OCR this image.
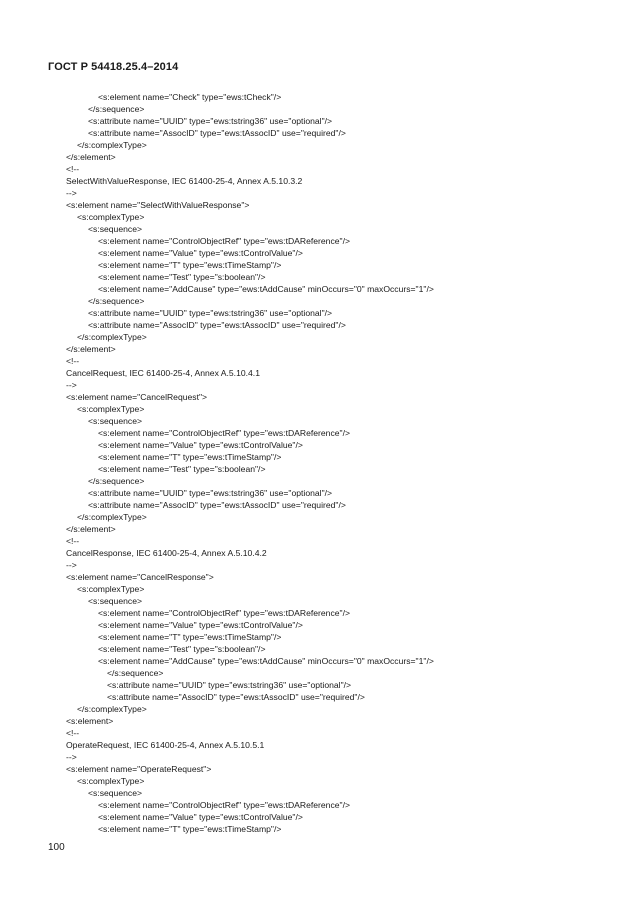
ГОСТ Р 54418.25.4–2014
<s:element name="Check" type="ews:tCheck"/>
</s:sequence>
<s:attribute name="UUID" type="ews:tstring36" use="optional"/>
<s:attribute name="AssocID" type="ews:tAssocID" use="required"/>
</s:complexType>
</s:element>
<!--
SelectWithValueResponse, IEC 61400-25-4, Annex A.5.10.3.2
-->
<s:element name="SelectWithValueResponse">
<s:complexType>
<s:sequence>
<s:element name="ControlObjectRef" type="ews:tDAReference"/>
<s:element name="Value" type="ews:tControlValue"/>
<s:element name="T" type="ews:tTimeStamp"/>
<s:element name="Test" type="s:boolean"/>
<s:element name="AddCause" type="ews:tAddCause" minOccurs="0" maxOccurs="1"/>
</s:sequence>
<s:attribute name="UUID" type="ews:tstring36" use="optional"/>
<s:attribute name="AssocID" type="ews:tAssocID" use="required"/>
</s:complexType>
</s:element>
<!--
CancelRequest, IEC 61400-25-4, Annex A.5.10.4.1
-->
<s:element name="CancelRequest">
<s:complexType>
<s:sequence>
<s:element name="ControlObjectRef" type="ews:tDAReference"/>
<s:element name="Value" type="ews:tControlValue"/>
<s:element name="T" type="ews:tTimeStamp"/>
<s:element name="Test" type="s:boolean"/>
</s:sequence>
<s:attribute name="UUID" type="ews:tstring36" use="optional"/>
<s:attribute name="AssocID" type="ews:tAssocID" use="required"/>
</s:complexType>
</s:element>
<!--
CancelResponse, IEC 61400-25-4, Annex A.5.10.4.2
-->
<s:element name="CancelResponse">
<s:complexType>
<s:sequence>
<s:element name="ControlObjectRef" type="ews:tDAReference"/>
<s:element name="Value" type="ews:tControlValue"/>
<s:element name="T" type="ews:tTimeStamp"/>
<s:element name="Test" type="s:boolean"/>
<s:element name="AddCause" type="ews:tAddCause" minOccurs="0" maxOccurs="1"/>
</s:sequence>
<s:attribute name="UUID" type="ews:tstring36" use="optional"/>
<s:attribute name="AssocID" type="ews:tAssocID" use="required"/>
</s:complexType>
<s:element>
<!--
OperateRequest, IEC 61400-25-4, Annex A.5.10.5.1
-->
<s:element name="OperateRequest">
<s:complexType>
<s:sequence>
<s:element name="ControlObjectRef" type="ews:tDAReference"/>
<s:element name="Value" type="ews:tControlValue"/>
<s:element name="T" type="ews:tTimeStamp"/>
100
